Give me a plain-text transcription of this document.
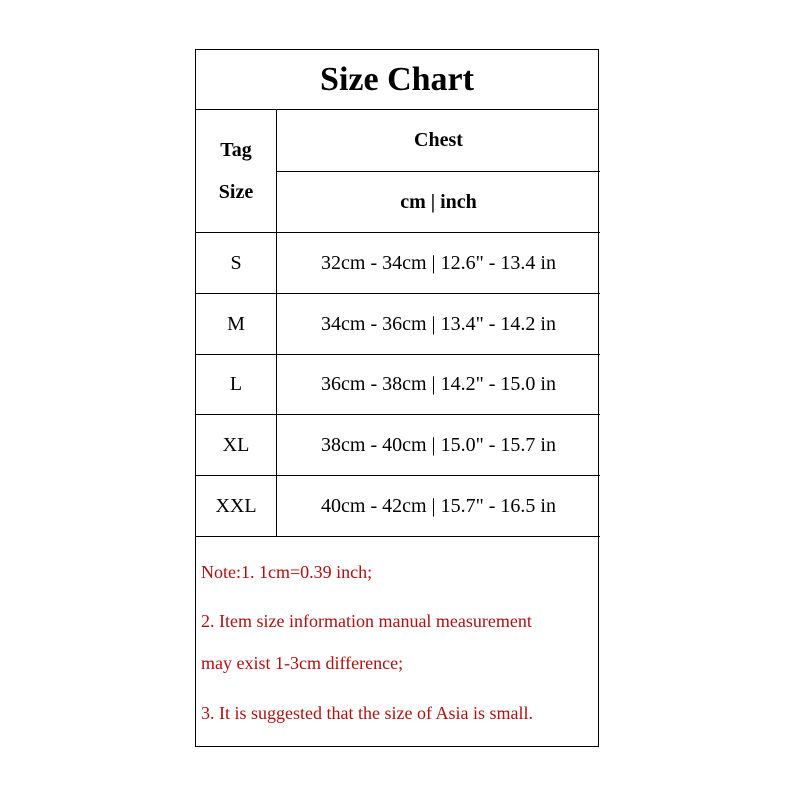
Size Chart
Tag
Size
Chest
cm | inch
S	32cm - 34cm | 12.6" - 13.4 in
M	34cm - 36cm | 13.4" - 14.2 in
L	36cm - 38cm | 14.2" - 15.0 in
XL	38cm - 40cm | 15.0" - 15.7 in
XXL	40cm - 42cm | 15.7" - 16.5 in
Note:1. 1cm=0.39 inch;
2. Item size information manual measurement
may exist 1-3cm difference;
3. It is suggested that the size of Asia is small.
